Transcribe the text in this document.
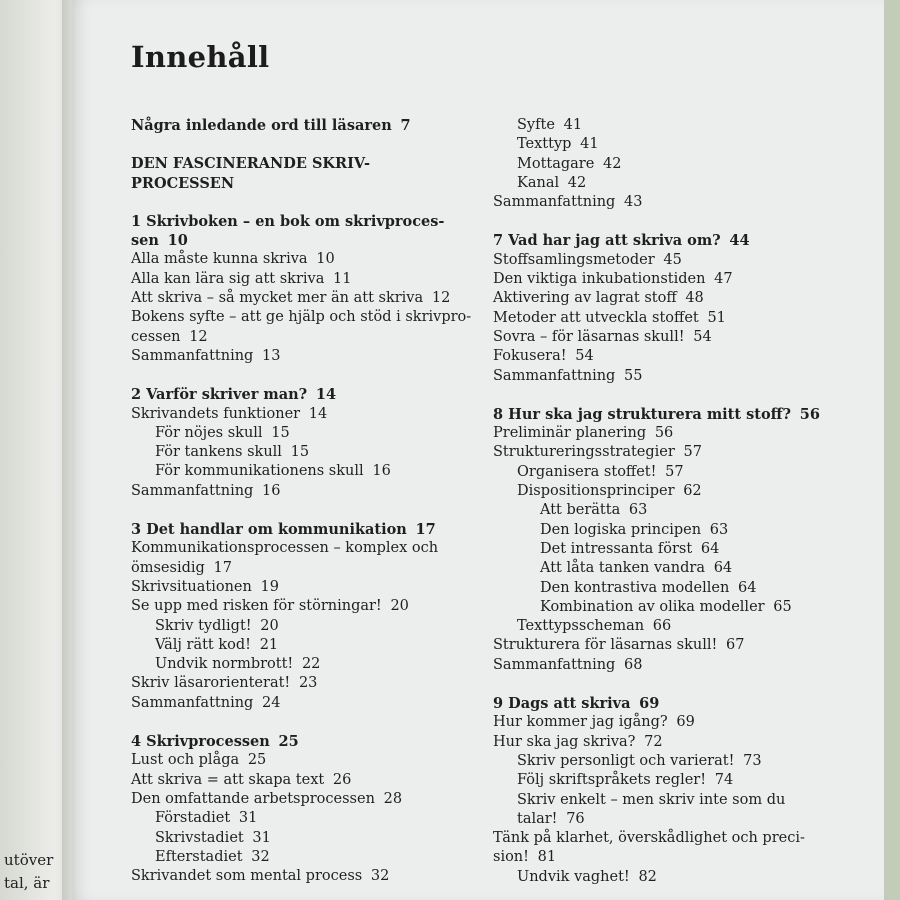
utöver
tal, är
Innehåll
Några inledande ord till läsaren 7
DEN FASCINERANDE SKRIV-
PROCESSEN
1 Skrivboken – en bok om skrivproces-
sen 10
Alla måste kunna skriva 10
Alla kan lära sig att skriva 11
Att skriva – så mycket mer än att skriva 12
Bokens syfte – att ge hjälp och stöd i skrivpro-
cessen 12
Sammanfattning 13
2 Varför skriver man? 14
Skrivandets funktioner 14
För nöjes skull 15
För tankens skull 15
För kommunikationens skull 16
Sammanfattning 16
3 Det handlar om kommunikation 17
Kommunikationsprocessen – komplex och
ömsesidig 17
Skrivsituationen 19
Se upp med risken för störningar! 20
Skriv tydligt! 20
Välj rätt kod! 21
Undvik normbrott! 22
Skriv läsarorienterat! 23
Sammanfattning 24
4 Skrivprocessen 25
Lust och plåga 25
Att skriva = att skapa text 26
Den omfattande arbetsprocessen 28
Förstadiet 31
Skrivstadiet 31
Efterstadiet 32
Skrivandet som mental process 32
Syfte 41
Texttyp 41
Mottagare 42
Kanal 42
Sammanfattning 43
7 Vad har jag att skriva om? 44
Stoffsamlingsmetoder 45
Den viktiga inkubationstiden 47
Aktivering av lagrat stoff 48
Metoder att utveckla stoffet 51
Sovra – för läsarnas skull! 54
Fokusera! 54
Sammanfattning 55
8 Hur ska jag strukturera mitt stoff? 56
Preliminär planering 56
Struktureringsstrategier 57
Organisera stoffet! 57
Dispositionsprinciper 62
Att berätta 63
Den logiska principen 63
Det intressanta först 64
Att låta tanken vandra 64
Den kontrastiva modellen 64
Kombination av olika modeller 65
Texttypsscheman 66
Strukturera för läsarnas skull! 67
Sammanfattning 68
9 Dags att skriva 69
Hur kommer jag igång? 69
Hur ska jag skriva? 72
Skriv personligt och varierat! 73
Följ skriftspråkets regler! 74
Skriv enkelt – men skriv inte som du
talar! 76
Tänk på klarhet, överskådlighet och preci-
sion! 81
Undvik vaghet! 82
